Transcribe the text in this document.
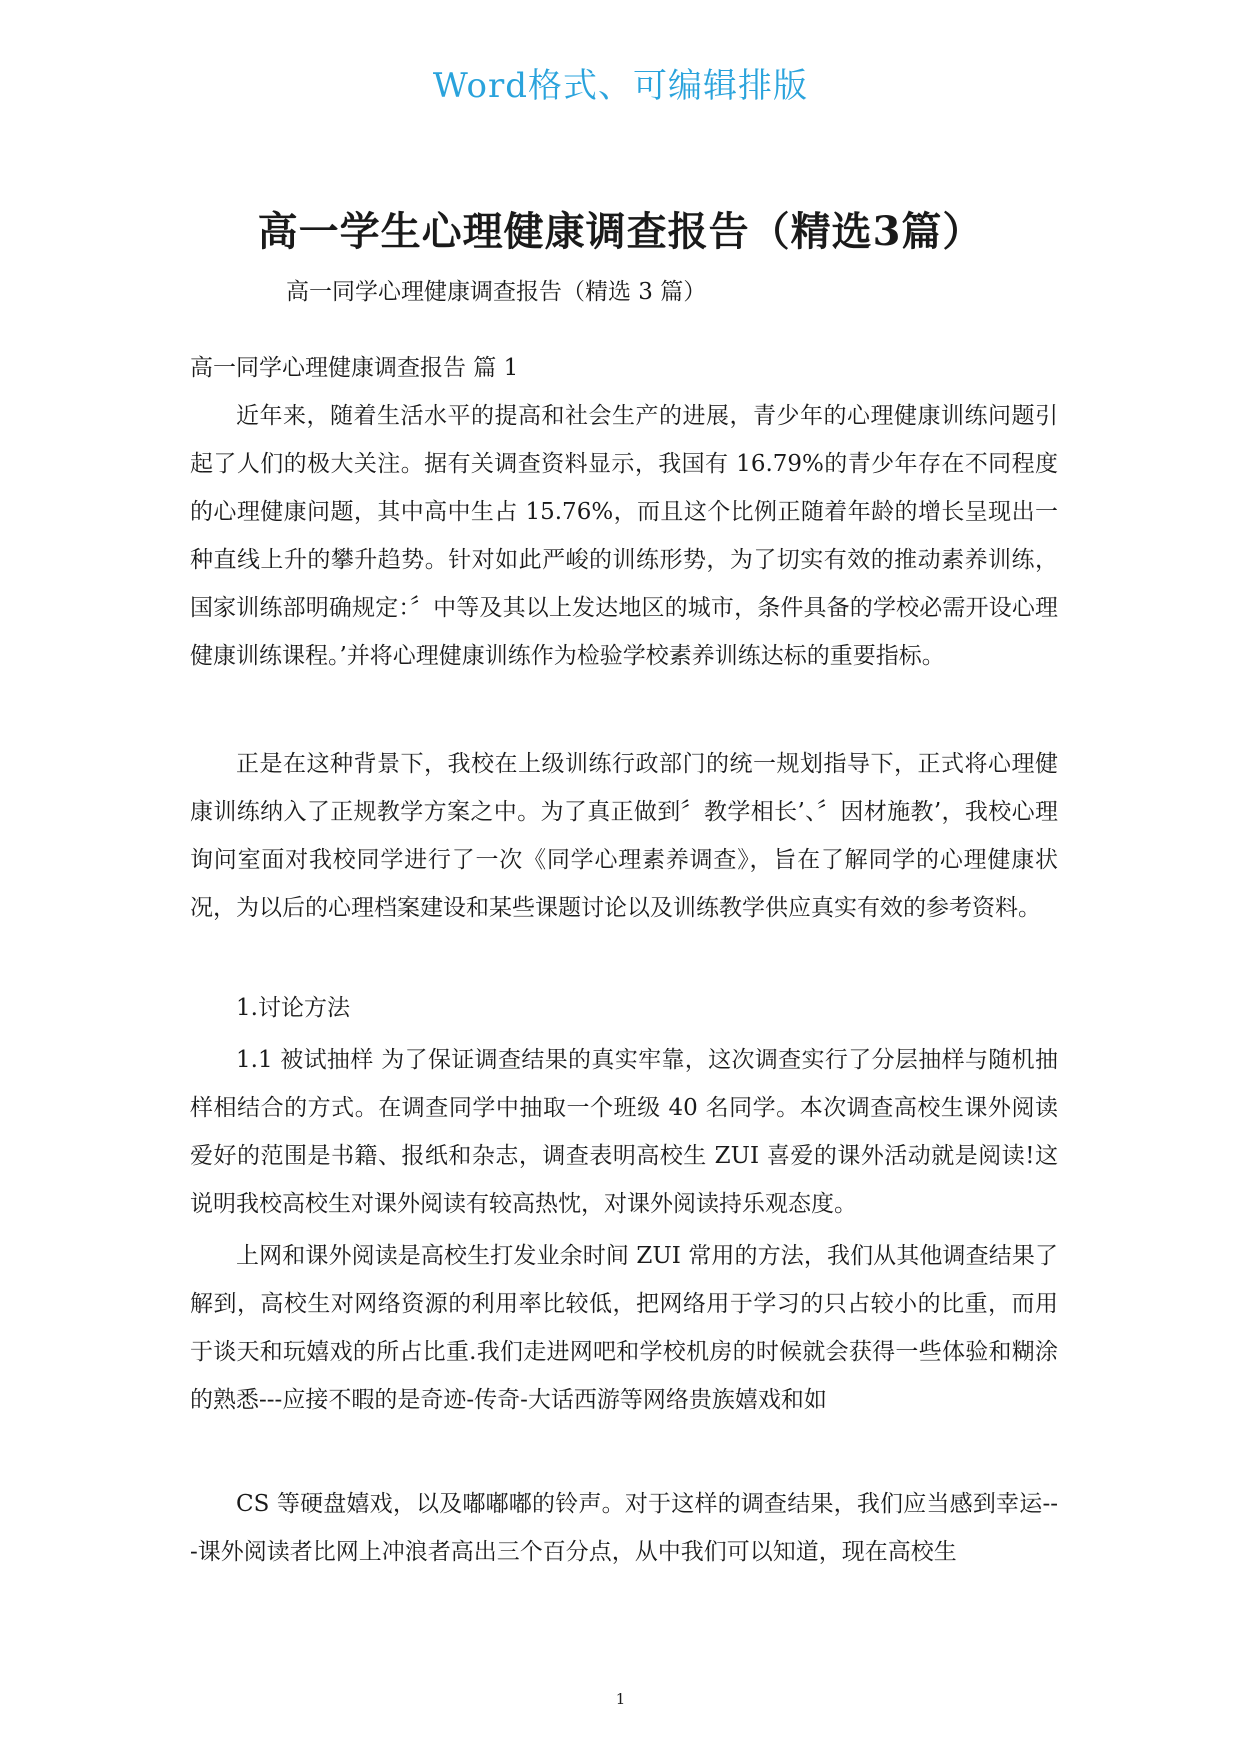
Word格式、可编辑排版
高一学生心理健康调查报告（精选3篇）

高一同学心理健康调查报告（精选 3 篇）

高一同学心理健康调查报告 篇 1

近年来，随着生活水平的提高和社会生产的进展，青少年的心理健康训练问题引起了人们的极大关注。据有关调查资料显示，我国有 16.79%的青少年存在不同程度的心理健康问题，其中高中生占 15.76%，而且这个比例正随着年龄的增长呈现出一种直线上升的攀升趋势。针对如此严峻的训练形势，为了切实有效的推动素养训练，国家训练部明确规定：〞中等及其以上发达地区的城市，条件具备的学校必需开设心理健康训练课程。’并将心理健康训练作为检验学校素养训练达标的重要指标。

正是在这种背景下，我校在上级训练行政部门的统一规划指导下，正式将心理健康训练纳入了正规教学方案之中。为了真正做到〞教学相长’、〞因材施教’，我校心理询问室面对我校同学进行了一次《同学心理素养调查》，旨在了解同学的心理健康状况，为以后的心理档案建设和某些课题讨论以及训练教学供应真实有效的参考资料。

1.讨论方法

1.1 被试抽样 为了保证调查结果的真实牢靠，这次调查实行了分层抽样与随机抽样相结合的方式。在调查同学中抽取一个班级 40 名同学。本次调查高校生课外阅读爱好的范围是书籍、报纸和杂志，调查表明高校生 ZUI 喜爱的课外活动就是阅读!这说明我校高校生对课外阅读有较高热忱，对课外阅读持乐观态度。

上网和课外阅读是高校生打发业余时间 ZUI 常用的方法，我们从其他调查结果了解到，高校生对网络资源的利用率比较低，把网络用于学习的只占较小的比重，而用于谈天和玩嬉戏的所占比重.我们走进网吧和学校机房的时候就会获得一些体验和糊涂的熟悉---应接不暇的是奇迹-传奇-大话西游等网络贵族嬉戏和如

CS 等硬盘嬉戏，以及嘟嘟嘟的铃声。对于这样的调查结果，我们应当感到幸运---课外阅读者比网上冲浪者高出三个百分点，从中我们可以知道，现在高校生

1
